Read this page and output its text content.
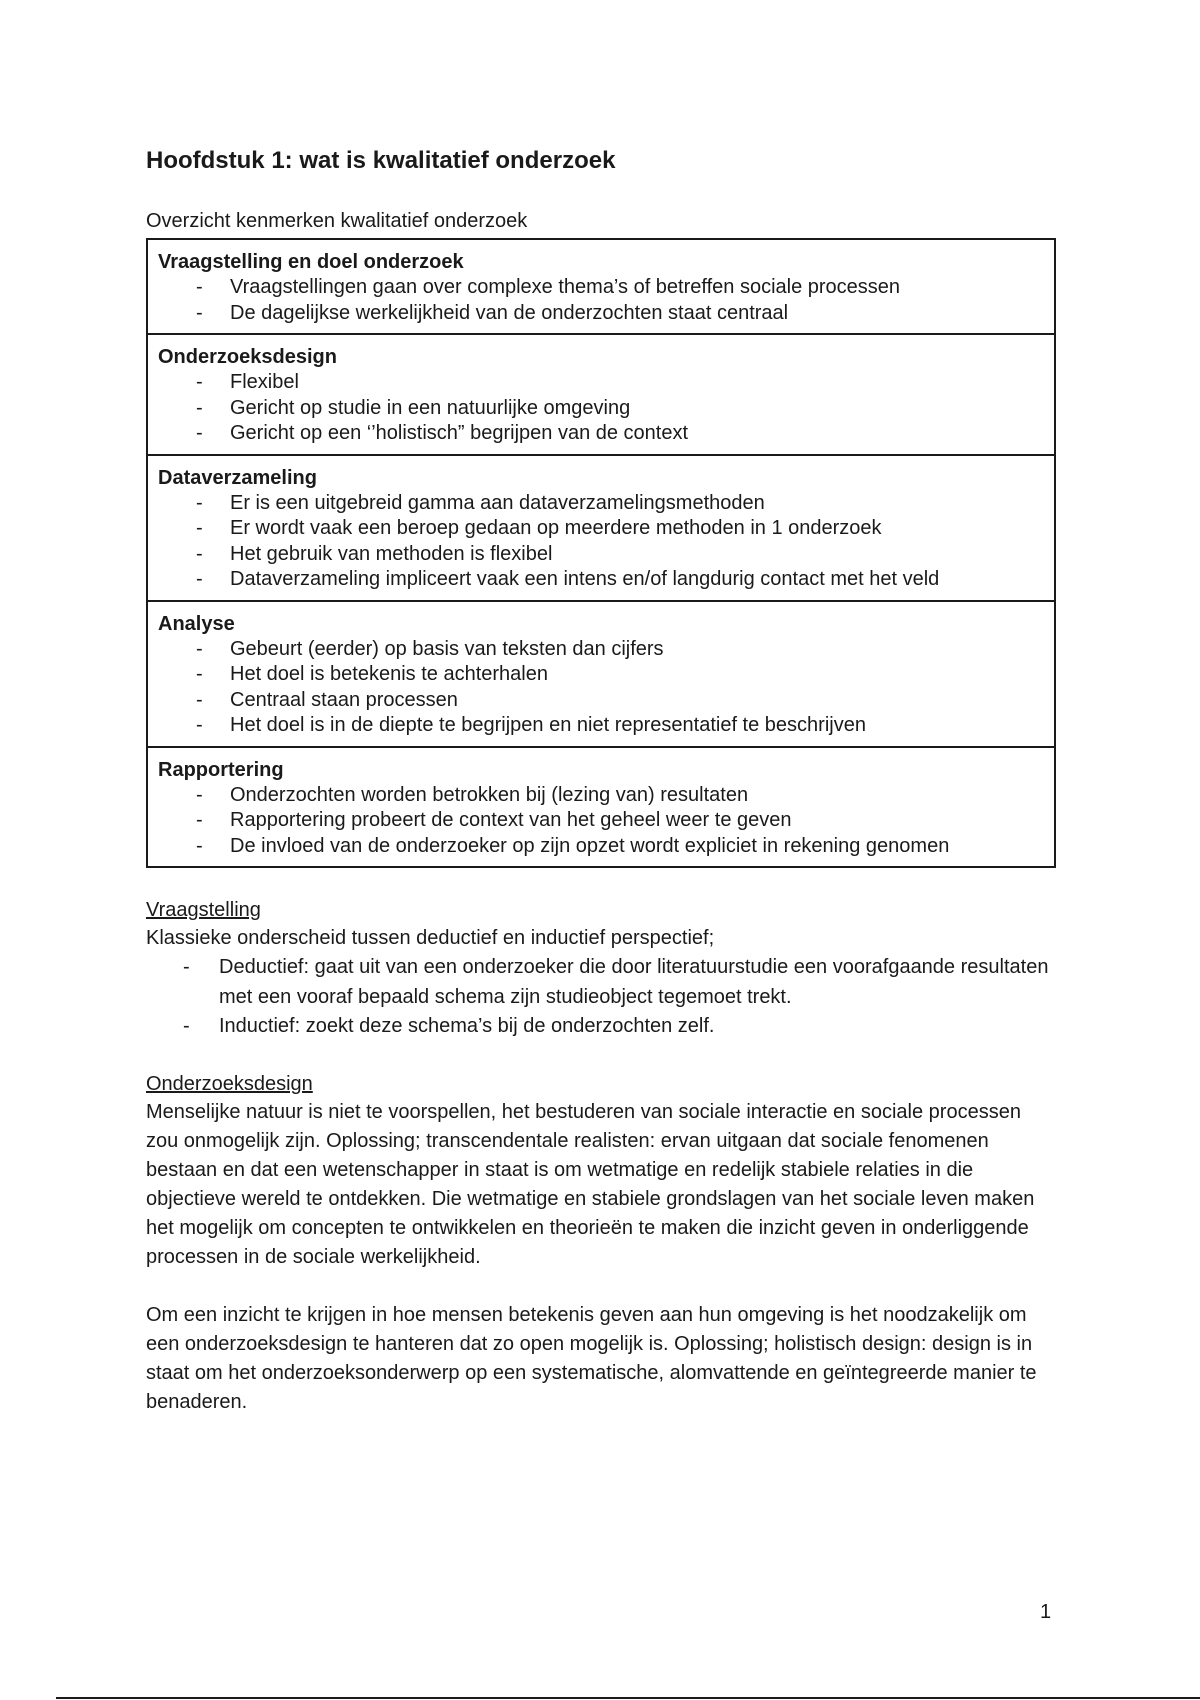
Hoofdstuk 1: wat is kwalitatief onderzoek

Overzicht kenmerken kwalitatief onderzoek

Vraagstelling en doel onderzoek
- Vraagstellingen gaan over complexe thema’s of betreffen sociale processen
- De dagelijkse werkelijkheid van de onderzochten staat centraal
Onderzoeksdesign
- Flexibel
- Gericht op studie in een natuurlijke omgeving
- Gericht op een ‘’holistisch” begrijpen van de context
Dataverzameling
- Er is een uitgebreid gamma aan dataverzamelingsmethoden
- Er wordt vaak een beroep gedaan op meerdere methoden in 1 onderzoek
- Het gebruik van methoden is flexibel
- Dataverzameling impliceert vaak een intens en/of langdurig contact met het veld
Analyse
- Gebeurt (eerder) op basis van teksten dan cijfers
- Het doel is betekenis te achterhalen
- Centraal staan processen
- Het doel is in de diepte te begrijpen en niet representatief te beschrijven
Rapportering
- Onderzochten worden betrokken bij (lezing van) resultaten
- Rapportering probeert de context van het geheel weer te geven
- De invloed van de onderzoeker op zijn opzet wordt expliciet in rekening genomen

Vraagstelling

Klassieke onderscheid tussen deductief en inductief perspectief;

- Deductief: gaat uit van een onderzoeker die door literatuurstudie een voorafgaande resultaten met een vooraf bepaald schema zijn studieobject tegemoet trekt.
- Inductief: zoekt deze schema’s bij de onderzochten zelf.

Onderzoeksdesign

Menselijke natuur is niet te voorspellen, het bestuderen van sociale interactie en sociale processen zou onmogelijk zijn. Oplossing; transcendentale realisten: ervan uitgaan dat sociale fenomenen bestaan en dat een wetenschapper in staat is om wetmatige en redelijk stabiele relaties in die objectieve wereld te ontdekken. Die wetmatige en stabiele grondslagen van het sociale leven maken het mogelijk om concepten te ontwikkelen en theorieën te maken die inzicht geven in onderliggende processen in de sociale werkelijkheid.

Om een inzicht te krijgen in hoe mensen betekenis geven aan hun omgeving is het noodzakelijk om een onderzoeksdesign te hanteren dat zo open mogelijk is. Oplossing; holistisch design: design is in staat om het onderzoeksonderwerp op een systematische, alomvattende en geïntegreerde manier te benaderen.

1
